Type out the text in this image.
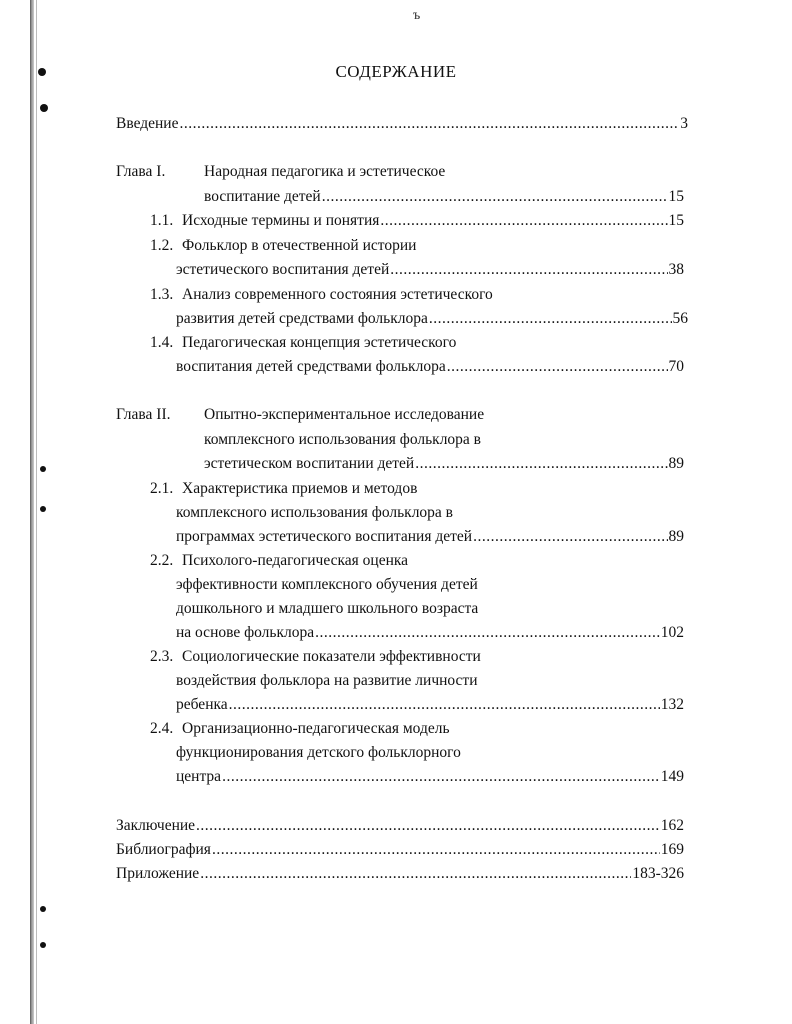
ъ
СОДЕРЖАНИЕ
Введение .....	3
Глава I. Народная педагогика и эстетическое
воспитание детей .....	15
1.1. Исходные термины и понятия .....	15
1.2. Фольклор в отечественной истории
эстетического воспитания детей .....	38
1.3. Анализ современного состояния эстетического
развития детей средствами фольклора .....	56
1.4. Педагогическая концепция эстетического
воспитания детей средствами фольклора .....	70
Глава II. Опытно-экспериментальное исследование
комплексного использования фольклора в
эстетическом воспитании детей .....	89
2.1. Характеристика приемов и методов
комплексного использования фольклора в
программах эстетического воспитания детей .....	89
2.2. Психолого-педагогическая оценка
эффективности комплексного обучения детей
дошкольного и младшего школьного возраста
на основе фольклора .....	102
2.3. Социологические показатели эффективности
воздействия фольклора на развитие личности
ребенка .....	132
2.4. Организационно-педагогическая модель
функционирования детского фольклорного
центра .....	149
Заключение .....	162
Библиография .....	169
Приложение .....	183-326
